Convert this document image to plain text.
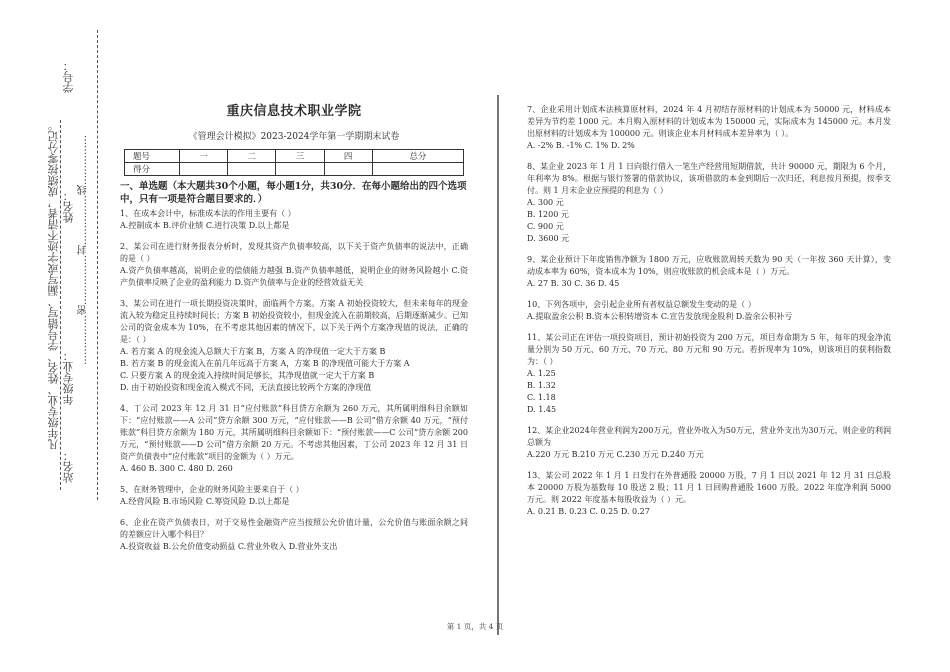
……………密……………封……………线……………
学号：
姓名：
凡年级专业、姓名、学号错写、漏写或字迹不清者，成绩按零分记。 年级专业：
站名：
重庆信息技术职业学院
《管理会计模拟》2023-2024学年第一学期期末试卷
题号	一	二	三	四	总分
得分					
一、单选题（本大题共30个小题，每小题1分，共30分．在每小题给出的四个选项中，只有一项是符合题目要求的．）
1、在成本会计中，标准成本法的作用主要有（ ）
A.控制成本 B.评价业绩 C.进行决策 D.以上都是
2、某公司在进行财务报表分析时，发现其资产负债率较高，以下关于资产负债率的说法中，正确的是（ ）
A.资产负债率越高，说明企业的偿债能力越强 B.资产负债率越低，说明企业的财务风险越小 C.资产负债率反映了企业的盈利能力 D.资产负债率与企业的经营效益无关
3、某公司在进行一项长期投资决策时，面临两个方案。方案 A 初始投资较大，但未来每年的现金流入较为稳定且持续时间长；方案 B 初始投资较小，但现金流入在前期较高，后期逐渐减少。已知公司的资金成本为 10%，在不考虑其他因素的情况下，以下关于两个方案净现值的说法，正确的是：（ ）
A. 若方案 A 的现金流入总额大于方案 B，方案 A 的净现值一定大于方案 B
B. 若方案 B 的现金流入在前几年远高于方案 A，方案 B 的净现值可能大于方案 A
C. 只要方案 A 的现金流入持续时间足够长，其净现值就一定大于方案 B
D. 由于初始投资和现金流入模式不同，无法直接比较两个方案的净现值
4、丁公司 2023 年 12 月 31 日“应付账款”科目贷方余额为 260 万元，其所属明细科目余额如下：“应付账款——A 公司”贷方余额 300 万元，“应付账款——B 公司”借方余额 40 万元，“预付账款”科目贷方余额为 180 万元，其所属明细科目余额如下：“预付账款——C 公司”贷方余额 200 万元，“预付账款——D 公司”借方余额 20 万元。不考虑其他因素，丁公司 2023 年 12 月 31 日资产负债表中“应付账款”项目的金额为（ ）万元。
A. 460 B. 300 C. 480 D. 260
5、在财务管理中，企业的财务风险主要来自于（ ）
A.经营风险 B.市场风险 C.筹资风险 D.以上都是
6、企业在资产负债表日，对于交易性金融资产应当按照公允价值计量，公允价值与账面余额之间的差额应计入哪个科目？
A.投资收益 B.公允价值变动损益 C.营业外收入 D.营业外支出
7、企业采用计划成本法核算原材料，2024 年 4 月初结存原材料的计划成本为 50000 元，材料成本差异为节约差 1000 元。本月购入原材料的计划成本为 150000 元，实际成本为 145000 元。本月发出原材料的计划成本为 100000 元。则该企业本月材料成本差异率为（ ）。
A. -2% B. -1% C. 1% D. 2%
8、某企业 2023 年 1 月 1 日向银行借入一笔生产经营用短期借款，共计 90000 元，期限为 6 个月，年利率为 8%。根据与银行签署的借款协议，该项借款的本金到期后一次归还，利息按月预提，按季支付。则 1 月末企业应预提的利息为（ ）
A. 300 元
B. 1200 元
C. 900 元
D. 3600 元
9、某企业预计下年度销售净额为 1800 万元，应收账款周转天数为 90 天（一年按 360 天计算），变动成本率为 60%，资本成本为 10%，则应收账款的机会成本是（ ）万元。
A. 27 B. 30 C. 36 D. 45
10、下列各项中，会引起企业所有者权益总额发生变动的是（ ）
A.提取盈余公积 B.资本公积转增资本 C.宣告发放现金股利 D.盈余公积补亏
11、某公司正在评估一项投资项目，预计初始投资为 200 万元，项目寿命期为 5 年，每年的现金净流量分别为 50 万元、60 万元、70 万元、80 万元和 90 万元。若折现率为 10%，则该项目的获利指数为：（ ）
A. 1.25
B. 1.32
C. 1.18
D. 1.45
12、某企业2024年营业利润为200万元，营业外收入为50万元，营业外支出为30万元，则企业的利润总额为
A.220 万元 B.210 万元 C.230 万元 D.240 万元
13、某公司 2022 年 1 月 1 日发行在外普通股 20000 万股，7 月 1 日以 2021 年 12 月 31 日总股本 20000 万股为基数每 10 股送 2 股；11 月 1 日回购普通股 1600 万股。2022 年度净利润 5000 万元。则 2022 年度基本每股收益为（ ）元。
A. 0.21 B. 0.23 C. 0.25 D. 0.27
第 1 页，共 4 页
